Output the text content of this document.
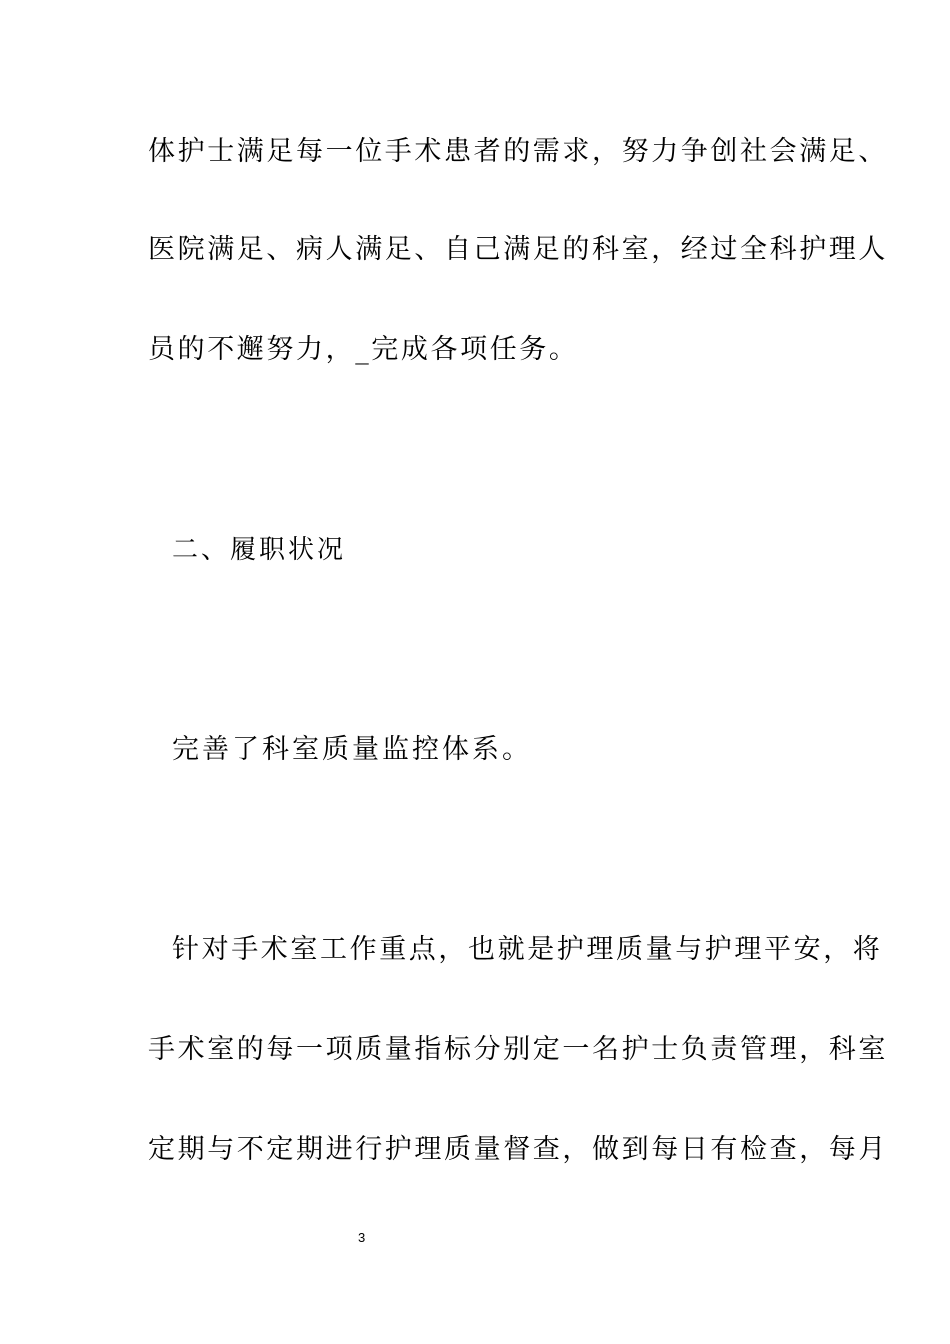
体护士满足每一位手术患者的需求，努力争创社会满足、
医院满足、病人满足、自己满足的科室，经过全科护理人
员的不邂努力，_完成各项任务。
二、履职状况
完善了科室质量监控体系。
针对手术室工作重点，也就是护理质量与护理平安，将
手术室的每一项质量指标分别定一名护士负责管理，科室
定期与不定期进行护理质量督查，做到每日有检查，每月
3
